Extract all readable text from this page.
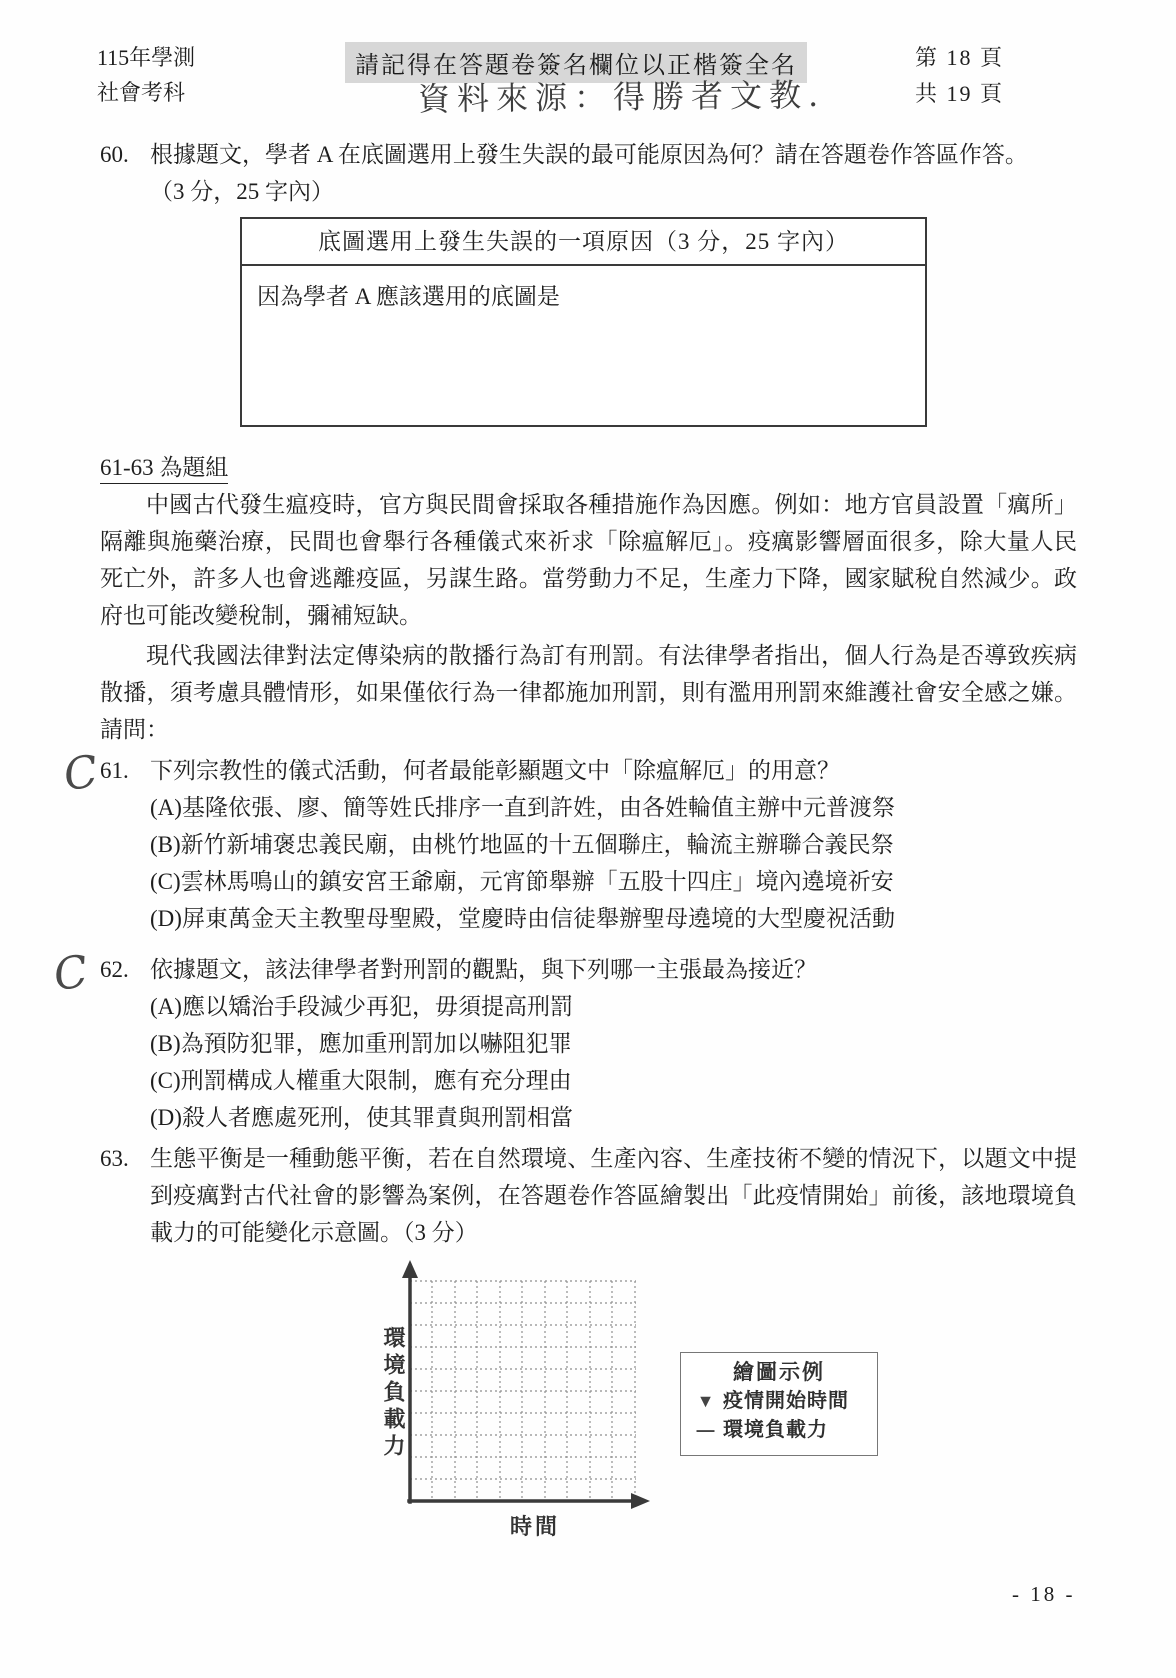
115年學測
社會考科
請記得在答題卷簽名欄位以正楷簽全名
資料來源：得勝者文教.
第 18 頁
共 19 頁
60. 根據題文，學者 A 在底圖選用上發生失誤的最可能原因為何？請在答題卷作答區作答。
（3 分，25 字內）
底圖選用上發生失誤的一項原因（3 分，25 字內）
因為學者 A 應該選用的底圖是
61-63 為題組
中國古代發生瘟疫時，官方與民間會採取各種措施作為因應。例如：地方官員設置「癘所」隔離與施藥治療，民間也會舉行各種儀式來祈求「除瘟解厄」。疫癘影響層面很多，除大量人民死亡外，許多人也會逃離疫區，另謀生路。當勞動力不足，生產力下降，國家賦稅自然減少。政府也可能改變稅制，彌補短缺。
現代我國法律對法定傳染病的散播行為訂有刑罰。有法律學者指出，個人行為是否導致疾病散播，須考慮具體情形，如果僅依行為一律都施加刑罰，則有濫用刑罰來維護社會安全感之嫌。請問：
C
61. 下列宗教性的儀式活動，何者最能彰顯題文中「除瘟解厄」的用意？
(A)基隆依張、廖、簡等姓氏排序一直到許姓，由各姓輪值主辦中元普渡祭
(B)新竹新埔褒忠義民廟，由桃竹地區的十五個聯庄，輪流主辦聯合義民祭
(C)雲林馬鳴山的鎮安宮王爺廟，元宵節舉辦「五股十四庄」境內遶境祈安
(D)屏東萬金天主教聖母聖殿，堂慶時由信徒舉辦聖母遶境的大型慶祝活動
C 62. 依據題文，該法律學者對刑罰的觀點，與下列哪一主張最為接近？
(A)應以矯治手段減少再犯，毋須提高刑罰
(B)為預防犯罪，應加重刑罰加以嚇阻犯罪
(C)刑罰構成人權重大限制，應有充分理由
(D)殺人者應處死刑，使其罪責與刑罰相當
63. 生態平衡是一種動態平衡，若在自然環境、生產內容、生產技術不變的情況下，以題文中提到疫癘對古代社會的影響為案例，在答題卷作答區繪製出「此疫情開始」前後，該地環境負載力的可能變化示意圖。（3 分）
環境負載力
時間
繪圖示例
▼ 疫情開始時間
— 環境負載力
- 18 -
